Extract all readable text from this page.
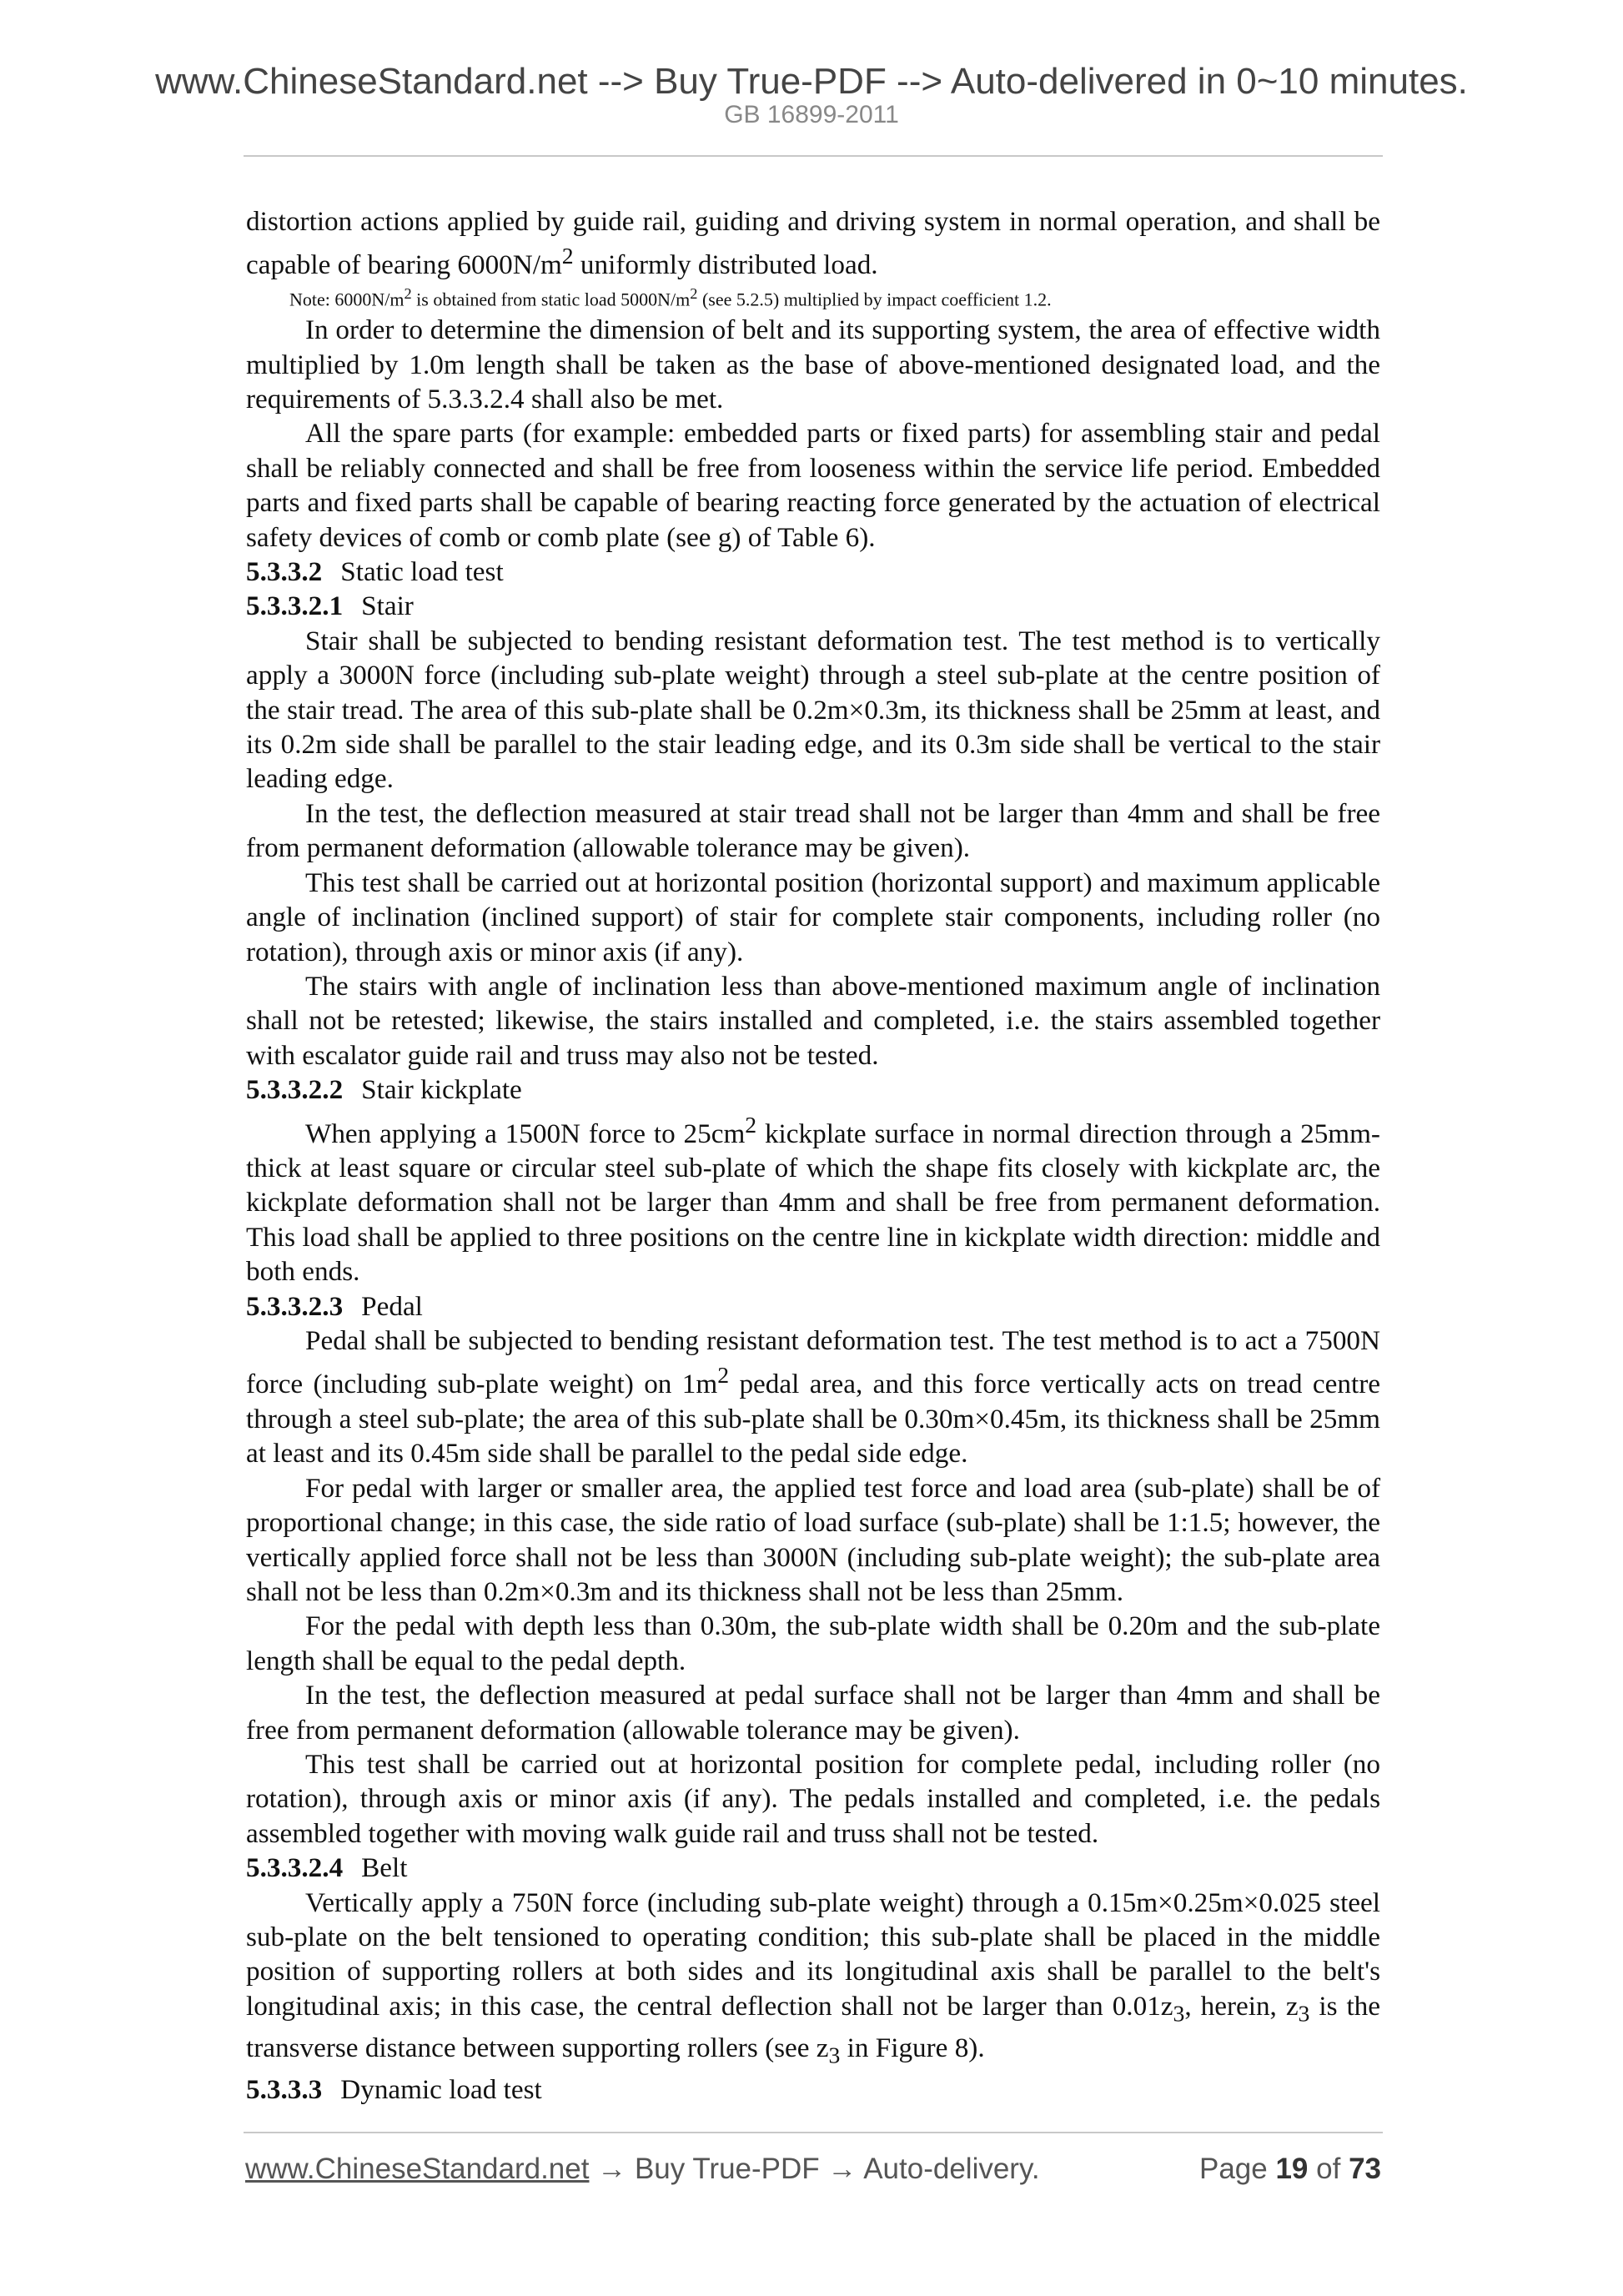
www.ChineseStandard.net --> Buy True-PDF --> Auto-delivered in 0~10 minutes.
GB 16899-2011

distortion actions applied by guide rail, guiding and driving system in normal operation, and shall be capable of bearing $6000N/m^2$ uniformly distributed load.

Note: $6000N/m^2$ is obtained from static load $5000N/m^2$ (see 5.2.5) multiplied by impact coefficient 1.2.

In order to determine the dimension of belt and its supporting system, the area of effective width multiplied by 1.0m length shall be taken as the base of above-mentioned designated load, and the requirements of 5.3.3.2.4 shall also be met.

All the spare parts (for example: embedded parts or fixed parts) for assembling stair and pedal shall be reliably connected and shall be free from looseness within the service life period. Embedded parts and fixed parts shall be capable of bearing reacting force generated by the actuation of electrical safety devices of comb or comb plate (see g) of Table 6).

5.3.3.2 Static load test

5.3.3.2.1 Stair

Stair shall be subjected to bending resistant deformation test. The test method is to vertically apply a 3000N force (including sub-plate weight) through a steel sub-plate at the centre position of the stair tread. The area of this sub-plate shall be 0.2m×0.3m, its thickness shall be 25mm at least, and its 0.2m side shall be parallel to the stair leading edge, and its 0.3m side shall be vertical to the stair leading edge.

In the test, the deflection measured at stair tread shall not be larger than 4mm and shall be free from permanent deformation (allowable tolerance may be given).

This test shall be carried out at horizontal position (horizontal support) and maximum applicable angle of inclination (inclined support) of stair for complete stair components, including roller (no rotation), through axis or minor axis (if any).

The stairs with angle of inclination less than above-mentioned maximum angle of inclination shall not be retested; likewise, the stairs installed and completed, i.e. the stairs assembled together with escalator guide rail and truss may also not be tested.

5.3.3.2.2 Stair kickplate

When applying a 1500N force to $25cm^2$ kickplate surface in normal direction through a 25mm-thick at least square or circular steel sub-plate of which the shape fits closely with kickplate arc, the kickplate deformation shall not be larger than 4mm and shall be free from permanent deformation. This load shall be applied to three positions on the centre line in kickplate width direction: middle and both ends.

5.3.3.2.3 Pedal

Pedal shall be subjected to bending resistant deformation test. The test method is to act a 7500N force (including sub-plate weight) on $1m^2$ pedal area, and this force vertically acts on tread centre through a steel sub-plate; the area of this sub-plate shall be 0.30m×0.45m, its thickness shall be 25mm at least and its 0.45m side shall be parallel to the pedal side edge.

For pedal with larger or smaller area, the applied test force and load area (sub-plate) shall be of proportional change; in this case, the side ratio of load surface (sub-plate) shall be 1:1.5; however, the vertically applied force shall not be less than 3000N (including sub-plate weight); the sub-plate area shall not be less than 0.2m×0.3m and its thickness shall not be less than 25mm.

For the pedal with depth less than 0.30m, the sub-plate width shall be 0.20m and the sub-plate length shall be equal to the pedal depth.

In the test, the deflection measured at pedal surface shall not be larger than 4mm and shall be free from permanent deformation (allowable tolerance may be given).

This test shall be carried out at horizontal position for complete pedal, including roller (no rotation), through axis or minor axis (if any). The pedals installed and completed, i.e. the pedals assembled together with moving walk guide rail and truss shall not be tested.

5.3.3.2.4 Belt

Vertically apply a 750N force (including sub-plate weight) through a 0.15m×0.25m×0.025 steel sub-plate on the belt tensioned to operating condition; this sub-plate shall be placed in the middle position of supporting rollers at both sides and its longitudinal axis shall be parallel to the belt's longitudinal axis; in this case, the central deflection shall not be larger than $0.01z_3$, herein, $z_3$ is the transverse distance between supporting rollers (see $z_3$ in Figure 8).

5.3.3.3 Dynamic load test

www.ChineseStandard.net → Buy True-PDF → Auto-delivery.	Page 19 of 73
